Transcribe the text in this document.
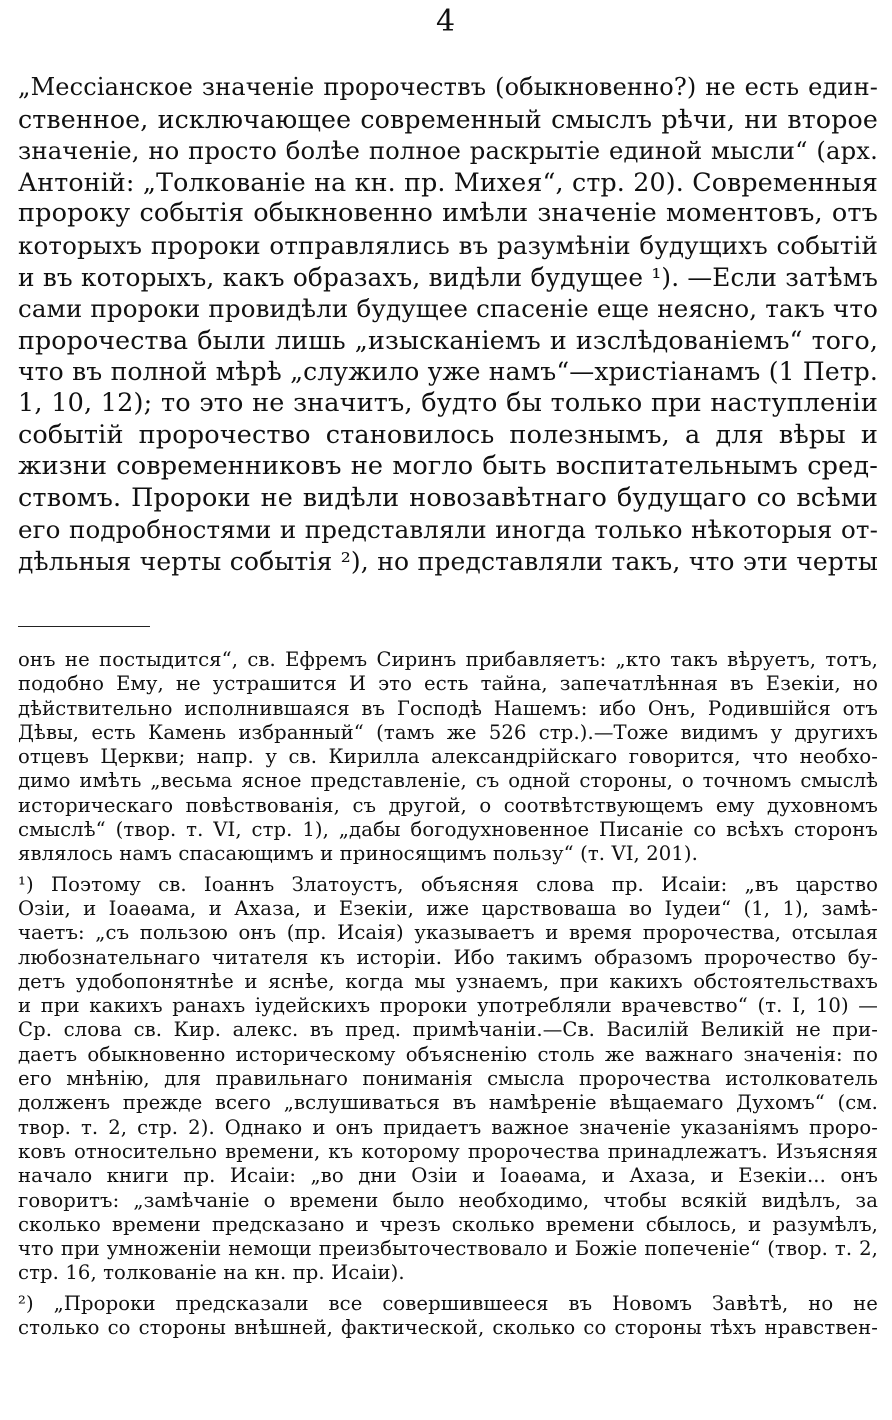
4
„Мессіанское значеніе пророчествъ (обыкновенно?) не есть един-
ственное, исключающее современный смыслъ рѣчи, ни второе
значеніе, но просто болѣе полное раскрытіе единой мысли“ (арх.
Антоній: „Толкованіе на кн. пр. Михея“, стр. 20). Современныя
пророку событія обыкновенно имѣли значеніе моментовъ, отъ
которыхъ пророки отправлялись въ разумѣніи будущихъ событій
и въ которыхъ, какъ образахъ, видѣли будущее ¹). —Если затѣмъ
сами пророки провидѣли будущее спасеніе еще неясно, такъ что
пророчества были лишь „изысканіемъ и изслѣдованіемъ“ того,
что въ полной мѣрѣ „служило уже намъ“—христіанамъ (1 Петр.
1, 10, 12); то это не значитъ, будто бы только при наступленіи
событій пророчество становилось полезнымъ, а для вѣры и
жизни современниковъ не могло быть воспитательнымъ сред-
ствомъ. Пророки не видѣли новозавѣтнаго будущаго со всѣми
его подробностями и представляли иногда только нѣкоторыя от-
дѣльныя черты событія ²), но представляли такъ, что эти черты
онъ не постыдится“, св. Ефремъ Сиринъ прибавляетъ: „кто такъ вѣруетъ, тотъ,
подобно Ему, не устрашится И это есть тайна, запечатлѣнная въ Езекіи, но
дѣйствительно исполнившаяся въ Господѣ Нашемъ: ибо Онъ, Родившійся отъ
Дѣвы, есть Камень избранный“ (тамъ же 526 стр.).—Тоже видимъ у другихъ
отцевъ Церкви; напр. у св. Кирилла александрійскаго говорится, что необхо-
димо имѣть „весьма ясное представленіе, съ одной стороны, о точномъ смыслѣ
историческаго повѣствованія, съ другой, о соотвѣтствующемъ ему духовномъ
смыслѣ“ (твор. т. VI, стр. 1), „дабы богодухновенное Писаніе со всѣхъ сторонъ
являлось намъ спасающимъ и приносящимъ пользу“ (т. VI, 201).
¹) Поэтому св. Іоаннъ Златоустъ, объясняя слова пр. Исаіи: „въ царство
Озіи, и Іоаѳама, и Ахаза, и Езекіи, иже царствоваша во Іудеи“ (1, 1), замѣ-
чаетъ: „съ пользою онъ (пр. Исаія) указываетъ и время пророчества, отсылая
любознательнаго читателя къ исторіи. Ибо такимъ образомъ пророчество бу-
детъ удобопонятнѣе и яснѣе, когда мы узнаемъ, при какихъ обстоятельствахъ
и при какихъ ранахъ іудейскихъ пророки употребляли врачевство“ (т. I, 10) —
Ср. слова св. Кир. алекс. въ пред. примѣчаніи.—Св. Василій Великій не при-
даетъ обыкновенно историческому объясненію столь же важнаго значенія: по
его мнѣнію, для правильнаго пониманія смысла пророчества истолкователь
долженъ прежде всего „вслушиваться въ намѣреніе вѣщаемаго Духомъ“ (см.
твор. т. 2, стр. 2). Однако и онъ придаетъ важное значеніе указаніямъ проро-
ковъ относительно времени, къ которому пророчества принадлежатъ. Изъясняя
начало книги пр. Исаіи: „во дни Озіи и Іоаѳама, и Ахаза, и Езекіи... онъ
говоритъ: „замѣчаніе о времени было необходимо, чтобы всякій видѣлъ, за
сколько времени предсказано и чрезъ сколько времени сбылось, и разумѣлъ,
что при умноженіи немощи преизбыточествовало и Божіе попеченіе“ (твор. т. 2,
стр. 16, толкованіе на кн. пр. Исаіи).
²) „Пророки предсказали все совершившееся въ Новомъ Завѣтѣ, но не
столько со стороны внѣшней, фактической, сколько со стороны тѣхъ нравствен-
